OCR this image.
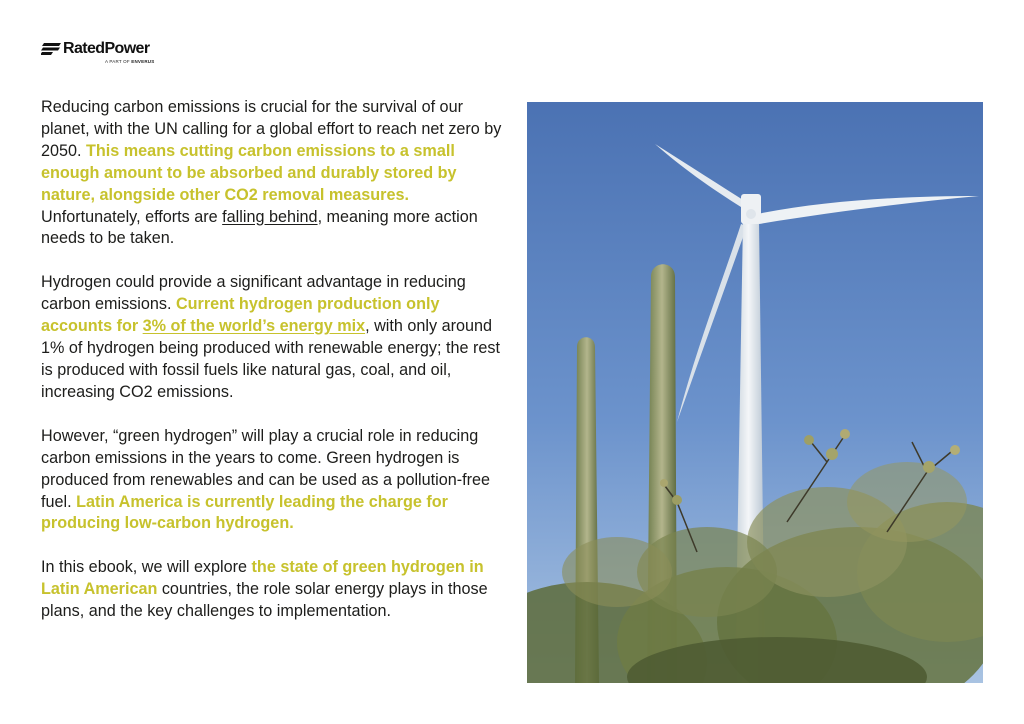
RatedPower
A PART OF ENVERUS

Reducing carbon emissions is crucial for the survival of our planet, with the UN calling for a global effort to reach net zero by 2050. This means cutting carbon emissions to a small enough amount to be absorbed and durably stored by nature, alongside other CO2 removal measures. Unfortunately, efforts are falling behind, meaning more action needs to be taken.

Hydrogen could provide a significant advantage in reducing carbon emissions. Current hydrogen production only accounts for 3% of the world’s energy mix, with only around 1% of hydrogen being produced with renewable energy; the rest is produced with fossil fuels like natural gas, coal, and oil, increasing CO2 emissions.

However, “green hydrogen” will play a crucial role in reducing carbon emissions in the years to come. Green hydrogen is produced from renewables and can be used as a pollution-free fuel. Latin America is currently leading the charge for producing low-carbon hydrogen.

In this ebook, we will explore the state of green hydrogen in Latin American countries, the role solar energy plays in those plans, and the key challenges to implementation.
